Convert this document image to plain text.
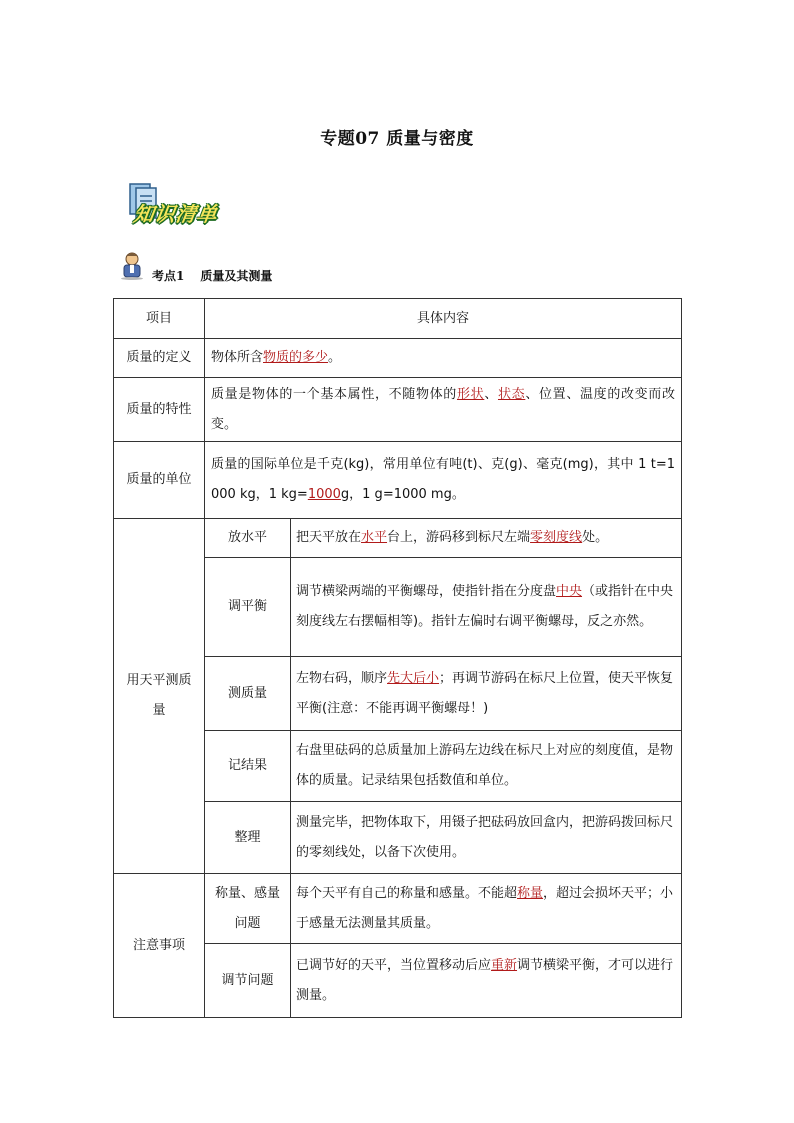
专题07 质量与密度
知识清单
考点1 质量及其测量
项目	具体内容	
质量的定义	物体所含物质的多少。	
质量的特性	质量是物体的一个基本属性，不随物体的形状、状态、位置、温度的改变而改变。	
质量的单位	质量的国际单位是千克(kg)，常用单位有吨(t)、克(g)、毫克(mg)，其中 1 t=1 000 kg，1 kg=1000g，1 g=1000 mg。	
用天平测质量	放水平	把天平放在水平台上，游码移到标尺左端零刻度线处。
	调平衡	调节横梁两端的平衡螺母，使指针指在分度盘中央（或指针在中央刻度线左右摆幅相等)。指针左偏时右调平衡螺母，反之亦然。
	测质量	左物右码，顺序先大后小；再调节游码在标尺上位置，使天平恢复平衡(注意：不能再调平衡螺母！)
	记结果	右盘里砝码的总质量加上游码左边线在标尺上对应的刻度值，是物体的质量。记录结果包括数值和单位。
	整理	测量完毕，把物体取下，用镊子把砝码放回盒内，把游码拨回标尺的零刻线处，以备下次使用。
注意事项	称量、感量问题	每个天平有自己的称量和感量。不能超称量，超过会损坏天平；小于感量无法测量其质量。
	调节问题	已调节好的天平，当位置移动后应重新调节横梁平衡，才可以进行测量。
